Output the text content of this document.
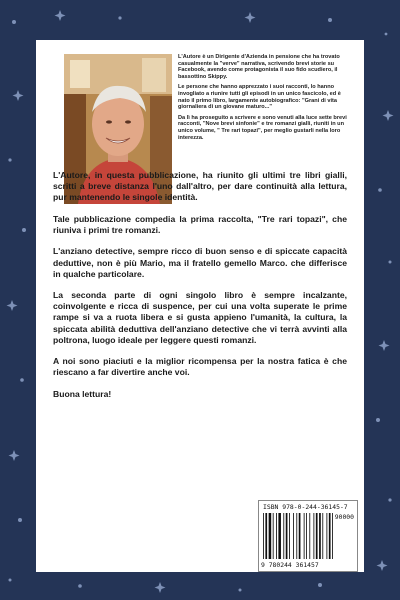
L'Autore è un Dirigente d'Azienda in pensione che ha trovato casualmente la "verve" narrativa, scrivendo brevi storie su Facebook, avendo come protagonista il suo fido scudiero, il bassottino Skippy.

Le persone che hanno apprezzato i suoi racconti, lo hanno invogliato a riunire tutti gli episodi in un unico fascicolo, ed è nato il primo libro, largamente autobiografico: "Grani di vita giornaliera di un giovane maturo..."

Da lì ha proseguito a scrivere e sono venuti alla luce sette brevi racconti, "Nove brevi sinfonie" e tre romanzi gialli, riuniti in un unico volume, " Tre rari topazi", per meglio gustarli nella loro interezza.

L'Autore, in questa pubblicazione, ha riunito gli ultimi tre libri gialli, scritti a breve distanza l'uno dall'altro, per dare continuità alla lettura, pur mantenendo le singole identità.

Tale pubblicazione compedia la prima raccolta, "Tre rari topazi", che riuniva i primi tre romanzi.

L'anziano detective, sempre ricco di buon senso e di spiccate capacità deduttive, non è più Mario, ma il fratello gemello Marco. che differisce in qualche particolare.

La seconda parte di ogni singolo libro è sempre incalzante, coinvolgente e ricca di suspence, per cui una volta superate le prime rampe si va a ruota libera e si gusta appieno l'umanità, la cultura, la spiccata abilità deduttiva dell'anziano detective che vi terrà avvinti alla poltrona, luogo ideale per leggere questi romanzi.

A noi sono piaciuti e la miglior ricompensa per la nostra fatica è che riescano a far divertire anche voi.

Buona lettura!

ISBN 978-0-244-36145-7
90000
9 780244 361457
